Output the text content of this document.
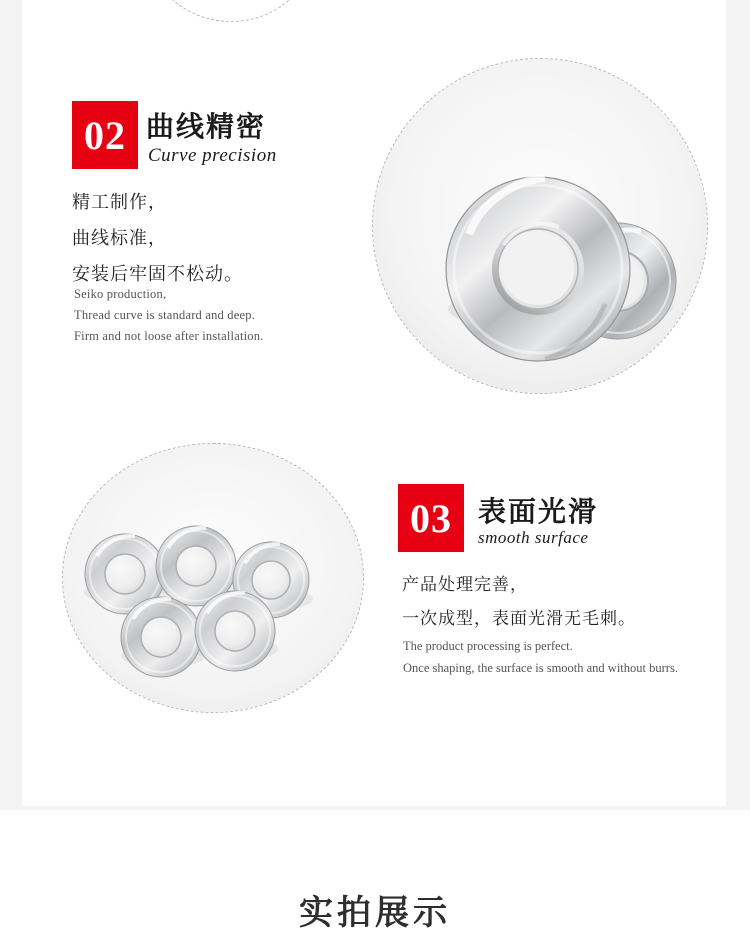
02 曲线精密
Curve precision
精工制作，
曲线标准，
安装后牢固不松动。
Seiko production,
Thread curve is standard and deep.
Firm and not loose after installation.
03 表面光滑
smooth surface
产品处理完善，
一次成型，表面光滑无毛刺。
The product processing is perfect.
Once shaping, the surface is smooth and without burrs.
实拍展示
